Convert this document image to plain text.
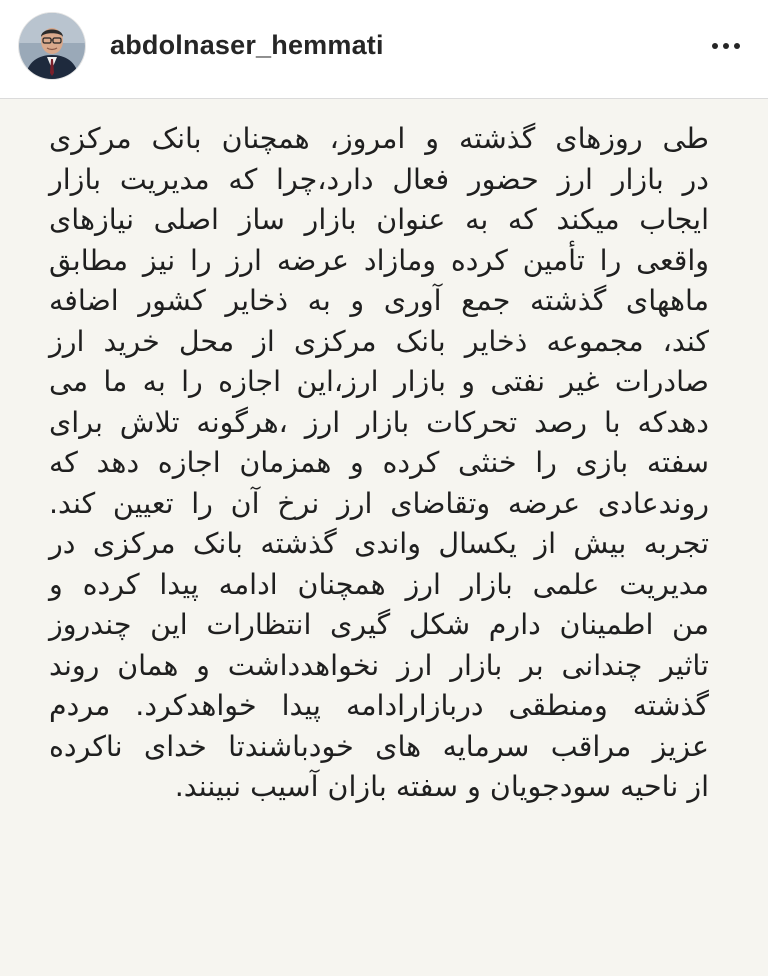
abdolnaser_hemmati
طی روزهای گذشته و امروز، همچنان بانک مرکزی
در بازار ارز حضور فعال دارد،چرا که مدیریت بازار
ایجاب میکند که به عنوان بازار ساز اصلی نیازهای
واقعی را تأمین کرده ومازاد عرضه ارز را نیز مطابق
ماههای گذشته جمع آوری و به ذخایر کشور اضافه
کند، مجموعه ذخایر بانک مرکزی از محل خرید ارز
صادرات غیر نفتی و بازار ارز،این اجازه را به ما می
دهدکه با رصد تحرکات بازار ارز ،هرگونه تلاش برای
سفته بازی را خنثی کرده و همزمان اجازه دهد که
روندعادی عرضه وتقاضای ارز نرخ آن را تعیین کند.
تجربه بیش از یکسال واندی گذشته بانک مرکزی در
مدیریت علمی بازار ارز همچنان ادامه پیدا کرده و
من اطمینان دارم شکل گیری انتظارات این چندروز
تاثیر چندانی بر بازار ارز نخواهدداشت و همان روند
گذشته ومنطقی دربازارادامه پیدا خواهدکرد. مردم
عزیز مراقب سرمایه های خودباشندتا خدای ناکرده
از ناحیه سودجویان و سفته بازان آسیب نبینند.
